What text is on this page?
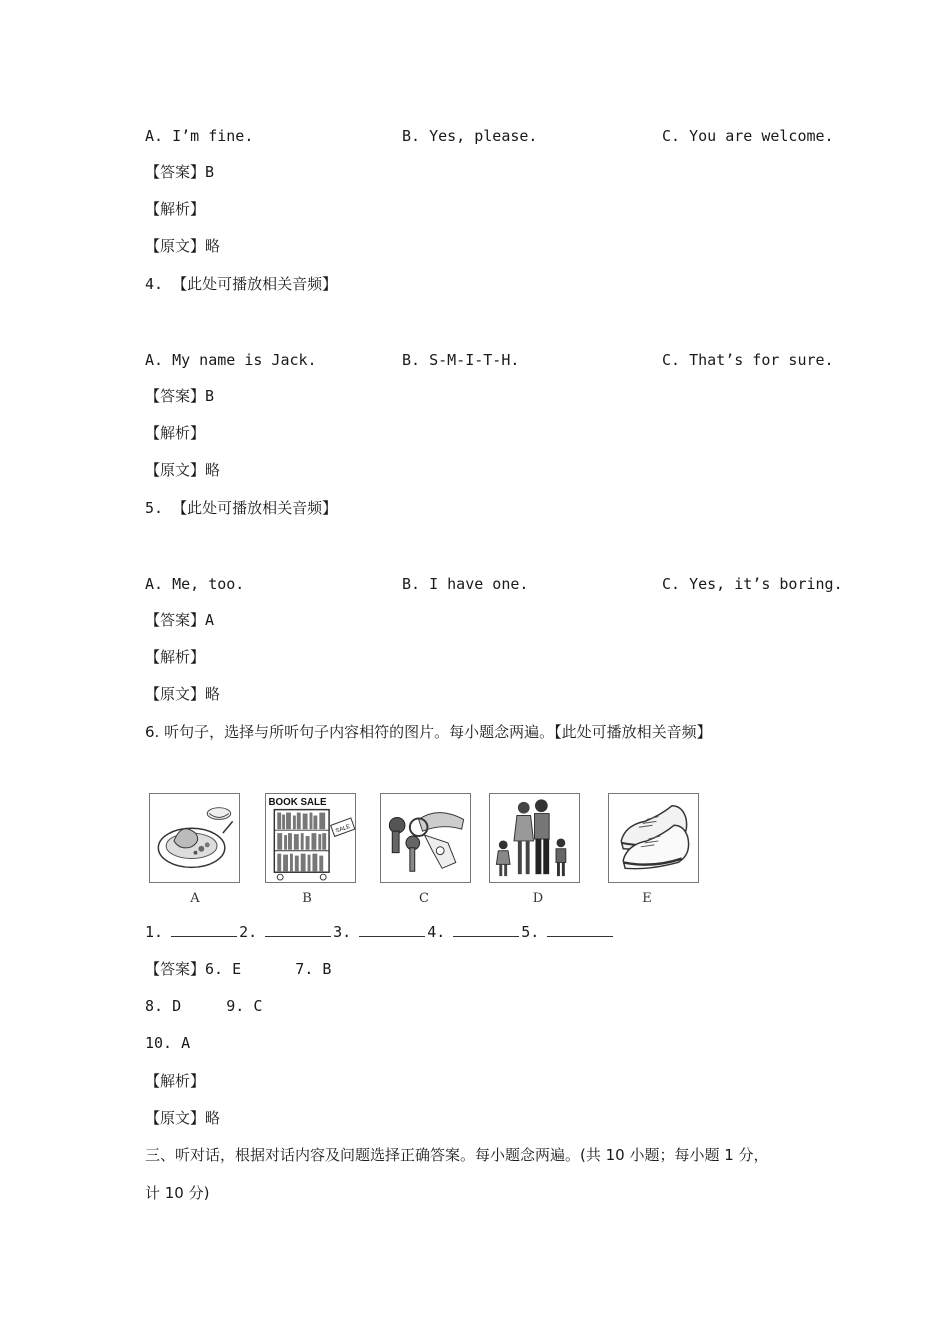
A. I’m fine.	B. Yes, please.	C. You are welcome.
【答案】B
【解析】
【原文】略
4. 【此处可播放相关音频】
A. My name is Jack.	B. S-M-I-T-H.	C. That’s for sure.
【答案】B
【解析】
【原文】略
5. 【此处可播放相关音频】
A. Me, too.	B. I have one.	C. Yes, it’s boring.
【答案】A
【解析】
【原文】略
6. 听句子，选择与所听句子内容相符的图片。每小题念两遍。【此处可播放相关音频】
A
BOOK SALE
SALE
B	C	D	E
1.	2.	3.	4.	5.
【答案】6. E      7. B
8. D     9. C
10. A
【解析】
【原文】略
三、听对话，根据对话内容及问题选择正确答案。每小题念两遍。(共 10 小题；每小题 1 分，
计 10 分)
